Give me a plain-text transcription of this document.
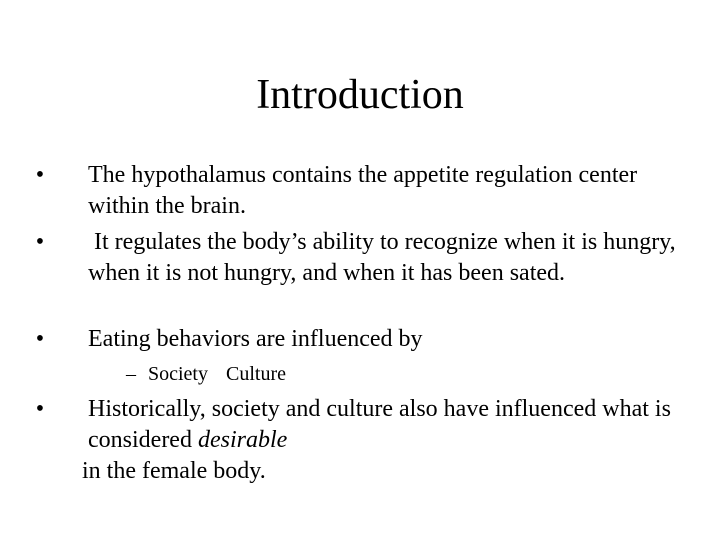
Introduction
• The hypothalamus contains the appetite regulation center within the brain.
• It regulates the body’s ability to recognize when it is hungry, when it is not hungry, and when it has been sated.
• Eating behaviors are influenced by
– Society Culture
• Historically, society and culture also have influenced what is considered desirable
in the female body.
